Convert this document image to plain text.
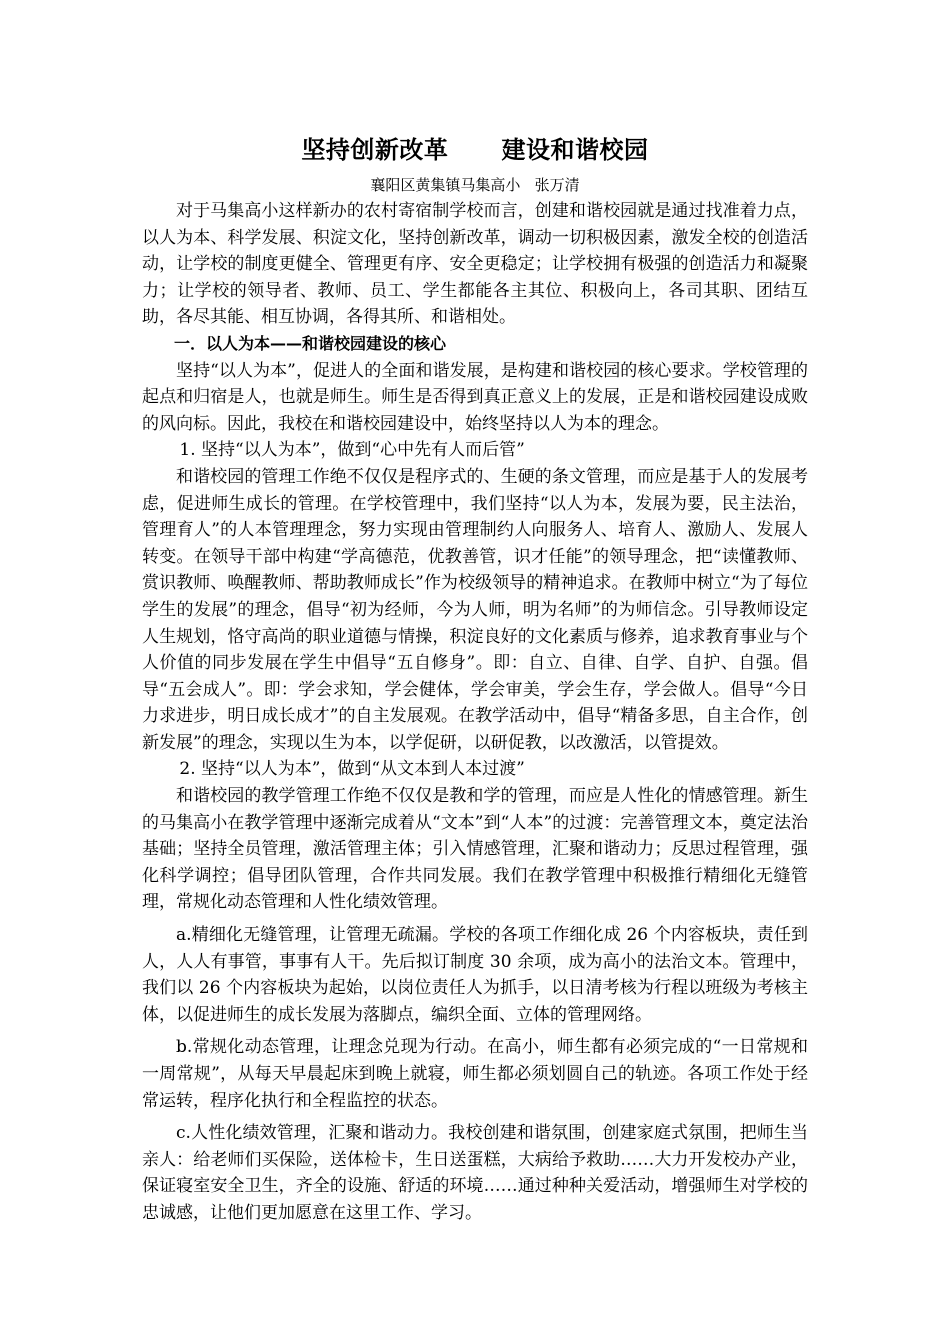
坚持创新改革      建设和谐校园
襄阳区黄集镇马集高小   张万清

对于马集高小这样新办的农村寄宿制学校而言，创建和谐校园就是通过找准着力点，以人为本、科学发展、积淀文化，坚持创新改革，调动一切积极因素，激发全校的创造活动，让学校的制度更健全、管理更有序、安全更稳定；让学校拥有极强的创造活力和凝聚力；让学校的领导者、教师、员工、学生都能各主其位、积极向上，各司其职、团结互助，各尽其能、相互协调，各得其所、和谐相处。

一．以人为本——和谐校园建设的核心

坚持“以人为本”，促进人的全面和谐发展，是构建和谐校园的核心要求。学校管理的起点和归宿是人，也就是师生。师生是否得到真正意义上的发展，正是和谐校园建设成败的风向标。因此，我校在和谐校园建设中，始终坚持以人为本的理念。

1. 坚持“以人为本”，做到“心中先有人而后管”

和谐校园的管理工作绝不仅仅是程序式的、生硬的条文管理，而应是基于人的发展考虑，促进师生成长的管理。在学校管理中，我们坚持“以人为本，发展为要，民主法治，管理育人”的人本管理理念，努力实现由管理制约人向服务人、培育人、激励人、发展人转变。在领导干部中构建“学高德范，优教善管，识才任能”的领导理念，把“读懂教师、赏识教师、唤醒教师、帮助教师成长”作为校级领导的精神追求。在教师中树立“为了每位学生的发展”的理念，倡导“初为经师，今为人师，明为名师”的为师信念。引导教师设定人生规划，恪守高尚的职业道德与情操，积淀良好的文化素质与修养，追求教育事业与个人价值的同步发展在学生中倡导“五自修身”。即：自立、自律、自学、自护、自强。倡导“五会成人”。即：学会求知，学会健体，学会审美，学会生存，学会做人。倡导“今日力求进步，明日成长成才”的自主发展观。在教学活动中，倡导“精备多思，自主合作，创新发展”的理念，实现以生为本，以学促研，以研促教，以改激活，以管提效。

2. 坚持“以人为本”，做到“从文本到人本过渡”

和谐校园的教学管理工作绝不仅仅是教和学的管理，而应是人性化的情感管理。新生的马集高小在教学管理中逐渐完成着从“文本”到“人本”的过渡：完善管理文本，奠定法治基础；坚持全员管理，激活管理主体；引入情感管理，汇聚和谐动力；反思过程管理，强化科学调控；倡导团队管理，合作共同发展。我们在教学管理中积极推行精细化无缝管理，常规化动态管理和人性化绩效管理。

a.精细化无缝管理，让管理无疏漏。学校的各项工作细化成 26 个内容板块，责任到人，人人有事管，事事有人干。先后拟订制度 30 余项，成为高小的法治文本。管理中，我们以 26 个内容板块为起始，以岗位责任人为抓手，以日清考核为行程以班级为考核主体，以促进师生的成长发展为落脚点，编织全面、立体的管理网络。

b.常规化动态管理，让理念兑现为行动。在高小，师生都有必须完成的“一日常规和一周常规”，从每天早晨起床到晚上就寝，师生都必须划圆自己的轨迹。各项工作处于经常运转，程序化执行和全程监控的状态。

c.人性化绩效管理，汇聚和谐动力。我校创建和谐氛围，创建家庭式氛围，把师生当亲人：给老师们买保险，送体检卡，生日送蛋糕，大病给予救助……大力开发校办产业，保证寝室安全卫生，齐全的设施、舒适的环境……通过种种关爱活动，增强师生对学校的忠诚感，让他们更加愿意在这里工作、学习。
